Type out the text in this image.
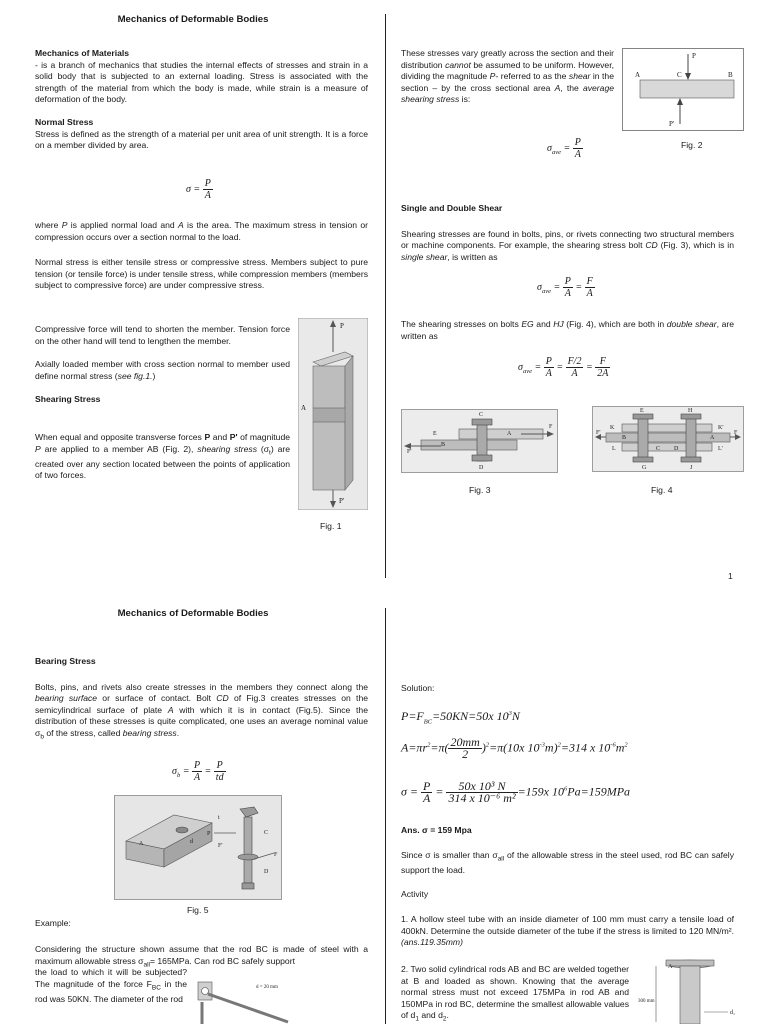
Mechanics of Deformable Bodies

Mechanics of Materials

- is a branch of mechanics that studies the internal effects of stresses and strain in a solid body that is subjected to an external loading. Stress is associated with the strength of the material from which the body is made, while strain is a measure of deformation of the body.

Normal Stress

Stress is defined as the strength of a material per unit area of unit strength. It is a force on a member divided by area.

$\sigma = \frac{P}{A}$

where P is applied normal load and A is the area. The maximum stress in tension or compression occurs over a section normal to the load.

Normal stress is either tensile stress or compressive stress. Members subject to pure tension (or tensile force) is under tensile stress, while compression members (members subject to compressive force) are under compressive stress.

Compressive force will tend to shorten the member. Tension force on the other hand will tend to lengthen the member.

Axially loaded member with cross section normal to member used define normal stress (see fig.1.)

Shearing Stress

When equal and opposite transverse forces P and P' of magnitude P are applied to a member AB (Fig. 2), shearing stress $(\sigma_t)$ are created over any section located between the points of application of two forces.

P
P'
A
Fig. 1

These stresses vary greatly across the section and their distribution cannot be assumed to be uniform. However, dividing the magnitude P- referred to as the shear in the section – by the cross sectional area A, the average shearing stress is:

A	C	B
P
P'
Fig. 2
$\sigma_{ave} = \frac{P}{A}$

Single and Double Shear

Shearing stresses are found in bolts, pins, or rivets connecting two structural members or machine components. For example, the shearing stress bolt CD (Fig. 3), which is in single shear, is written as

$\sigma_{ave} = \frac{P}{A} = \frac{F}{A}$

The shearing stresses on bolts EG and HJ (Fig. 4), which are both in double shear, are written as

$\sigma_{ave} = \frac{P}{A} = \frac{F/2}{A} = \frac{F}{2A}$
C
E
B
A
F
F'
D
Fig. 3
E	H
K
B	A
K'
L	C D	L'
F
F'
G	J
Fig. 4
1
Mechanics of Deformable Bodies

Bearing Stress

Bolts, pins, and rivets also create stresses in the members they connect along the bearing surface or surface of contact. Bolt CD of Fig.3 creates stresses on the semicylindrical surface of plate A with which it is in contact (Fig.5). Since the distribution of these stresses is quite complicated, one uses an average nominal value $\sigma_b$ of the stress, called bearing stress.

$\sigma_b = \frac{P}{A} = \frac{P}{td}$
A
C
P
F
F'
D
t
d
Fig. 5
Example:

Considering the structure shown assume that the rod BC is made of steel with a maximum allowable stress $\sigma_{all}= 165MPa$. Can rod BC safely support

the load to which it will be subjected? The magnitude of the force $F_{BC}$ in the rod was 50KN. The diameter of the rod

d = 20 mm
Solution:
$P=F_{BC}=50KN=50x$ $10^3N$
$A=\pi r^2=\pi( \frac{20mm}{2} )^2=\pi(10x$ $10^{-3}m)^2=314$ x $10^{-6}m^2$
$\sigma = \frac{P}{A} = \frac{\text{50x 10³ N}}{\text{314 x 10⁻⁶ m²}} =159x$ $10^6Pa=159MPa$
Ans. σ = 159 Mpa

Since σ is smaller than $\sigma_{all}$ of the allowable stress in the steel used, rod BC can safely support the load.

Activity

1. A hollow steel tube with an inside diameter of 100 mm must carry a tensile load of 400kN. Determine the outside diameter of the tube if the stress is limited to 120 MN/m². (ans.119.35mm)

2. Two solid cylindrical rods AB and BC are welded together at B and loaded as shown. Knowing that the average normal stress must not exceed 175MPa in rod AB and 150MPa in rod BC, determine the smallest allowable values of $d_1$ and $d_2$.

A
300 mm
d₁
